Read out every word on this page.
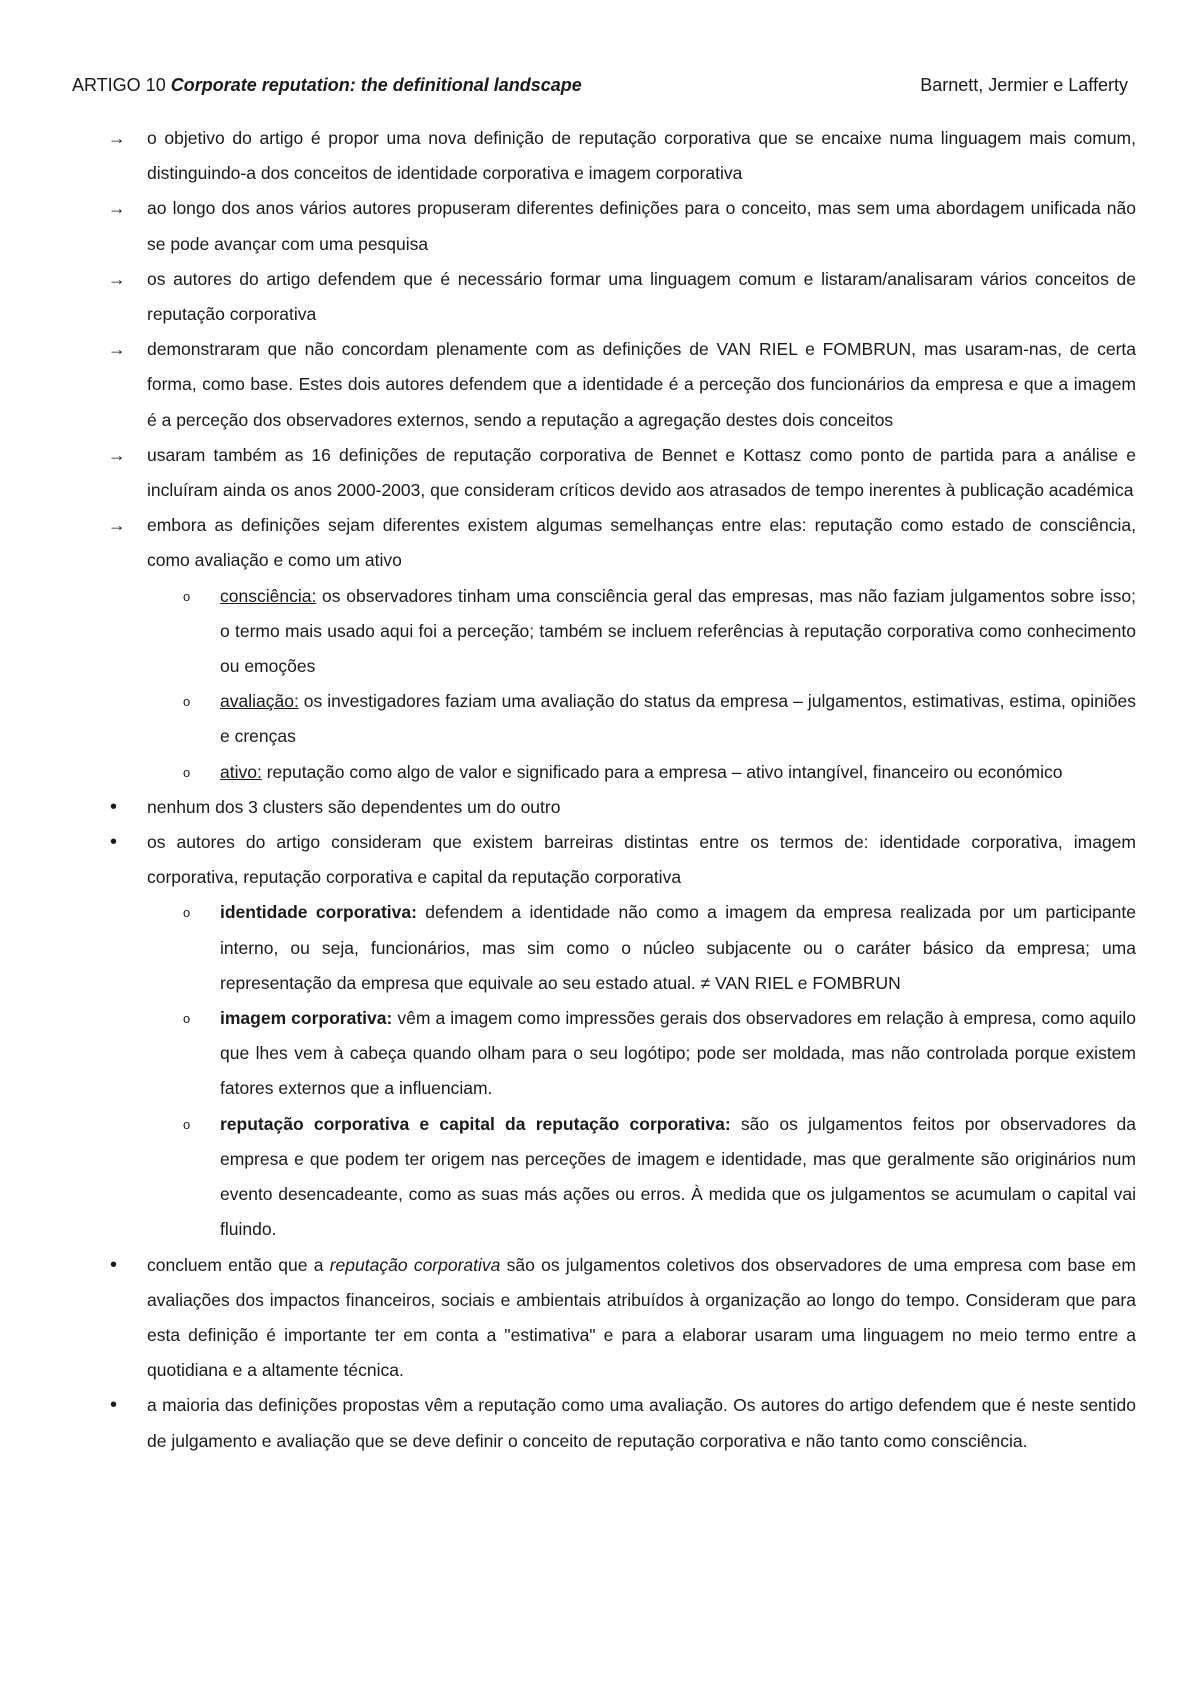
ARTIGO 10 Corporate reputation: the definitional landscape	Barnett, Jermier e Lafferty
→ o objetivo do artigo é propor uma nova definição de reputação corporativa que se encaixe numa linguagem mais comum, distinguindo-a dos conceitos de identidade corporativa e imagem corporativa
→ ao longo dos anos vários autores propuseram diferentes definições para o conceito, mas sem uma abordagem unificada não se pode avançar com uma pesquisa
→ os autores do artigo defendem que é necessário formar uma linguagem comum e listaram/analisaram vários conceitos de reputação corporativa
→ demonstraram que não concordam plenamente com as definições de VAN RIEL e FOMBRUN, mas usaram-nas, de certa forma, como base. Estes dois autores defendem que a identidade é a perceção dos funcionários da empresa e que a imagem é a perceção dos observadores externos, sendo a reputação a agregação destes dois conceitos
→ usaram também as 16 definições de reputação corporativa de Bennet e Kottasz como ponto de partida para a análise e incluíram ainda os anos 2000-2003, que consideram críticos devido aos atrasados de tempo inerentes à publicação académica
→ embora as definições sejam diferentes existem algumas semelhanças entre elas: reputação como estado de consciência, como avaliação e como um ativo
o consciência: os observadores tinham uma consciência geral das empresas, mas não faziam julgamentos sobre isso; o termo mais usado aqui foi a perceção; também se incluem referências à reputação corporativa como conhecimento ou emoções
o avaliação: os investigadores faziam uma avaliação do status da empresa – julgamentos, estimativas, estima, opiniões e crenças
o ativo: reputação como algo de valor e significado para a empresa – ativo intangível, financeiro ou económico
• nenhum dos 3 clusters são dependentes um do outro
• os autores do artigo consideram que existem barreiras distintas entre os termos de: identidade corporativa, imagem corporativa, reputação corporativa e capital da reputação corporativa
o identidade corporativa: defendem a identidade não como a imagem da empresa realizada por um participante interno, ou seja, funcionários, mas sim como o núcleo subjacente ou o caráter básico da empresa; uma representação da empresa que equivale ao seu estado atual. ≠ VAN RIEL e FOMBRUN
o imagem corporativa: vêm a imagem como impressões gerais dos observadores em relação à empresa, como aquilo que lhes vem à cabeça quando olham para o seu logótipo; pode ser moldada, mas não controlada porque existem fatores externos que a influenciam.
o reputação corporativa e capital da reputação corporativa: são os julgamentos feitos por observadores da empresa e que podem ter origem nas perceções de imagem e identidade, mas que geralmente são originários num evento desencadeante, como as suas más ações ou erros. À medida que os julgamentos se acumulam o capital vai fluindo.
• concluem então que a reputação corporativa são os julgamentos coletivos dos observadores de uma empresa com base em avaliações dos impactos financeiros, sociais e ambientais atribuídos à organização ao longo do tempo. Consideram que para esta definição é importante ter em conta a "estimativa" e para a elaborar usaram uma linguagem no meio termo entre a quotidiana e a altamente técnica.
• a maioria das definições propostas vêm a reputação como uma avaliação. Os autores do artigo defendem que é neste sentido de julgamento e avaliação que se deve definir o conceito de reputação corporativa e não tanto como consciência.
